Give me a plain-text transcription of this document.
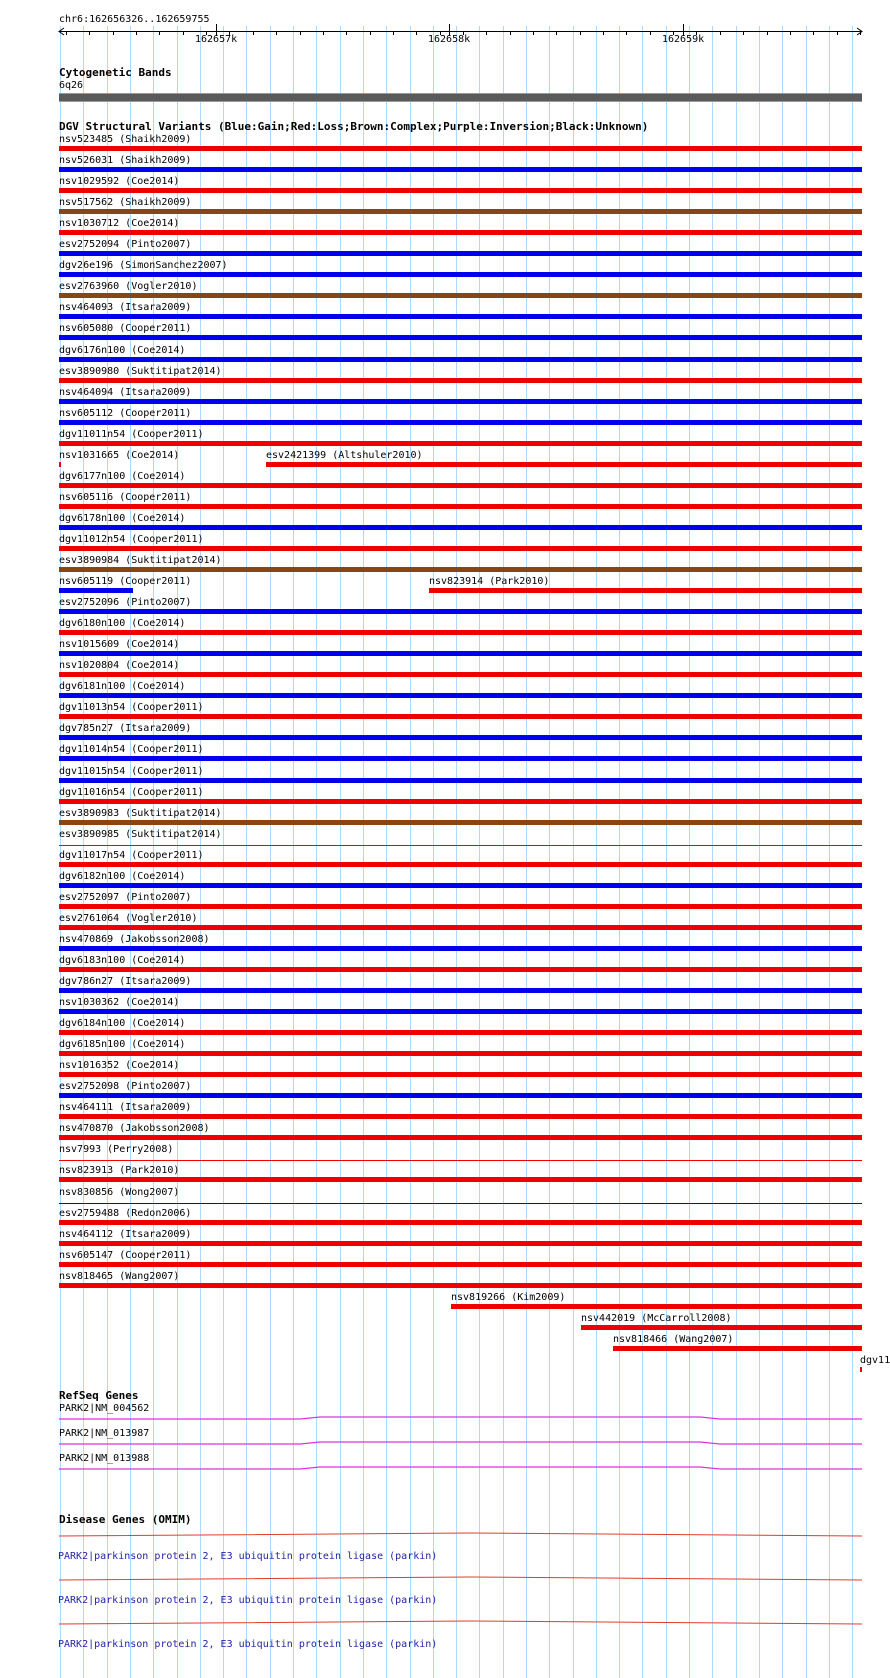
chr6:162656326..162659755
162657k	162658k	162659k
Cytogenetic Bands
6q26
DGV Structural Variants (Blue:Gain;Red:Loss;Brown:Complex;Purple:Inversion;Black:Unknown)
nsv523485 (Shaikh2009)
nsv526031 (Shaikh2009)
nsv1029592 (Coe2014)
nsv517562 (Shaikh2009)
nsv1030712 (Coe2014)
esv2752094 (Pinto2007)
dgv26e196 (SimonSanchez2007)
esv2763960 (Vogler2010)
nsv464093 (Itsara2009)
nsv605080 (Cooper2011)
dgv6176n100 (Coe2014)
esv3890980 (Suktitipat2014)
nsv464094 (Itsara2009)
nsv605112 (Cooper2011)
dgv11011n54 (Cooper2011)
nsv1031665 (Coe2014)	esv2421399 (Altshuler2010)
dgv6177n100 (Coe2014)
nsv605116 (Cooper2011)
dgv6178n100 (Coe2014)
dgv11012n54 (Cooper2011)
esv3890984 (Suktitipat2014)
nsv605119 (Cooper2011)	nsv823914 (Park2010)
esv2752096 (Pinto2007)
dgv6180n100 (Coe2014)
nsv1015609 (Coe2014)
nsv1020804 (Coe2014)
dgv6181n100 (Coe2014)
dgv11013n54 (Cooper2011)
dgv785n27 (Itsara2009)
dgv11014n54 (Cooper2011)
dgv11015n54 (Cooper2011)
dgv11016n54 (Cooper2011)
esv3890983 (Suktitipat2014)
esv3890985 (Suktitipat2014)
dgv11017n54 (Cooper2011)
dgv6182n100 (Coe2014)
esv2752097 (Pinto2007)
esv2761064 (Vogler2010)
nsv470869 (Jakobsson2008)
dgv6183n100 (Coe2014)
dgv786n27 (Itsara2009)
nsv1030362 (Coe2014)
dgv6184n100 (Coe2014)
dgv6185n100 (Coe2014)
nsv1016352 (Coe2014)
esv2752098 (Pinto2007)
nsv464111 (Itsara2009)
nsv470870 (Jakobsson2008)
nsv7993 (Perry2008)
nsv823913 (Park2010)
nsv830856 (Wong2007)
esv2759488 (Redon2006)
nsv464112 (Itsara2009)
nsv605147 (Cooper2011)
nsv818465 (Wang2007)
nsv819266 (Kim2009)
nsv442019 (McCarroll2008)
nsv818466 (Wang2007)
dgv11
RefSeq Genes
PARK2|NM_004562
PARK2|NM_013987
PARK2|NM_013988
Disease Genes (OMIM)
PARK2|parkinson protein 2, E3 ubiquitin protein ligase (parkin)
PARK2|parkinson protein 2, E3 ubiquitin protein ligase (parkin)
PARK2|parkinson protein 2, E3 ubiquitin protein ligase (parkin)
